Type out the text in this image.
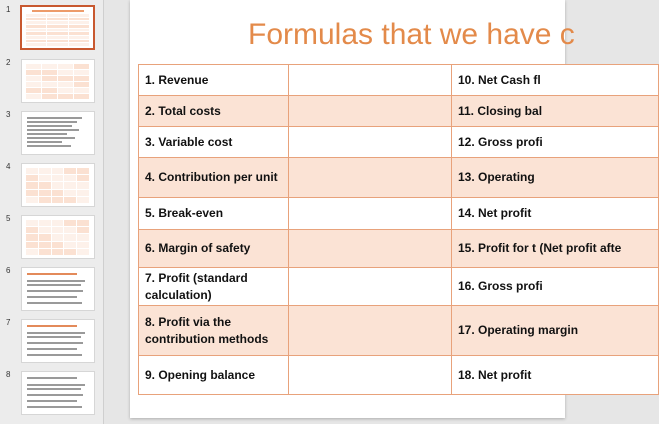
1
2
3
4
5
6
7
8
Formulas that we have c
1. Revenue		10. Net Cash fl
2. Total costs		11. Closing bal
3. Variable cost		12. Gross profi
4. Contribution per unit		13. Operating
5. Break-even		14. Net profit
6. Margin of safety		15. Profit for t (Net profit afte
7. Profit (standard calculation)		16. Gross profi
8. Profit via the contribution methods		17. Operating margin
9. Opening balance		18. Net profit
